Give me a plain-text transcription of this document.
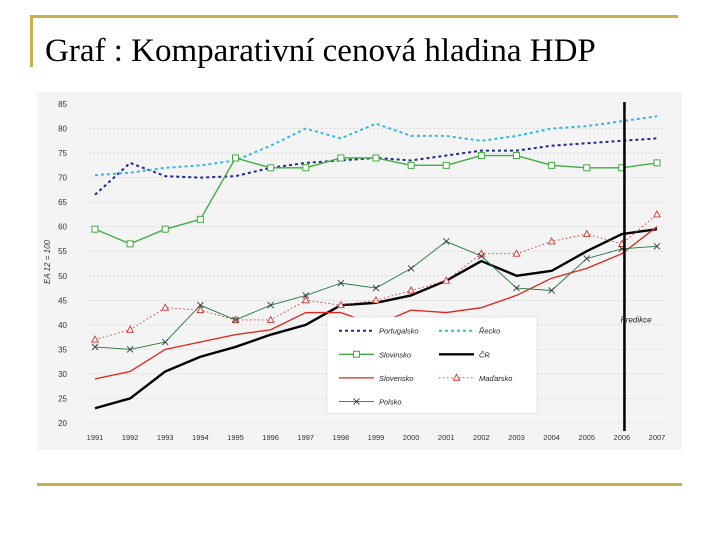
Graf : Komparativní cenová hladina HDP
20
25
30
35
40
45
50
55
60
65
70
75
80
85
EA 12 = 100
1991 1992 1993 1994 1995 1996 1997 1998 1999 2000 2001 2002 2003 2004 2005 2006 2007
Predikce
Portugalsko	Řecko
Slovinsko	ČR
Slovensko	Maďarsko
Polsko
